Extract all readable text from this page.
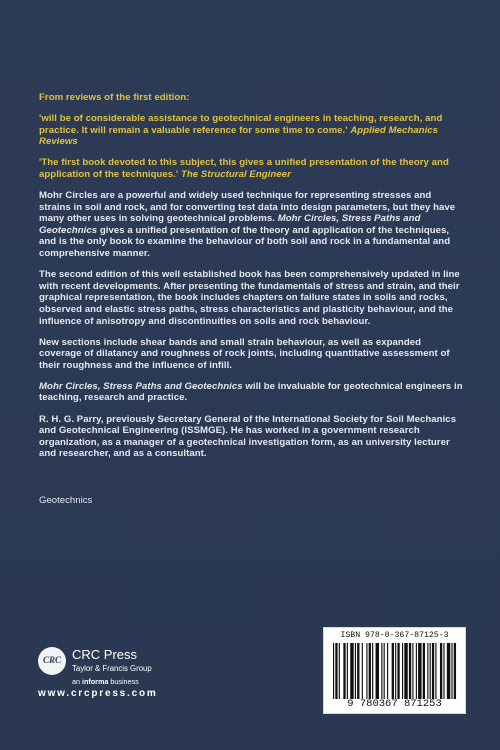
From reviews of the first edition:

'will be of considerable assistance to geotechnical engineers in teaching, research, and practice. It will remain a valuable reference for some time to come.' Applied Mechanics Reviews

'The first book devoted to this subject, this gives a unified presentation of the theory and application of the techniques.' The Structural Engineer

Mohr Circles are a powerful and widely used technique for representing stresses and strains in soil and rock, and for converting test data into design parameters, but they have many other uses in solving geotechnical problems. Mohr Circles, Stress Paths and Geotechnics gives a unified presentation of the theory and application of the techniques, and is the only book to examine the behaviour of both soil and rock in a fundamental and comprehensive manner.

The second edition of this well established book has been comprehensively updated in line with recent developments. After presenting the fundamentals of stress and strain, and their graphical representation, the book includes chapters on failure states in soils and rocks, observed and elastic stress paths, stress characteristics and plasticity behaviour, and the influence of anisotropy and discontinuities on soils and rock behaviour.

New sections include shear bands and small strain behaviour, as well as expanded coverage of dilatancy and roughness of rock joints, including quantitative assessment of their roughness and the influence of infill.

Mohr Circles, Stress Paths and Geotechnics will be invaluable for geotechnical engineers in teaching, research and practice.

R. H. G. Parry, previously Secretary General of the International Society for Soil Mechanics and Geotechnical Engineering (ISSMGE). He has worked in a government research organization, as a manager of a geotechnical investigation form, as an university lecturer and researcher, and as a consultant.

Geotechnics
CRC CRC Press
Taylor & Francis Group
an informa business
www.crcpress.com
ISBN 978-0-367-87125-3
9 780367 871253
